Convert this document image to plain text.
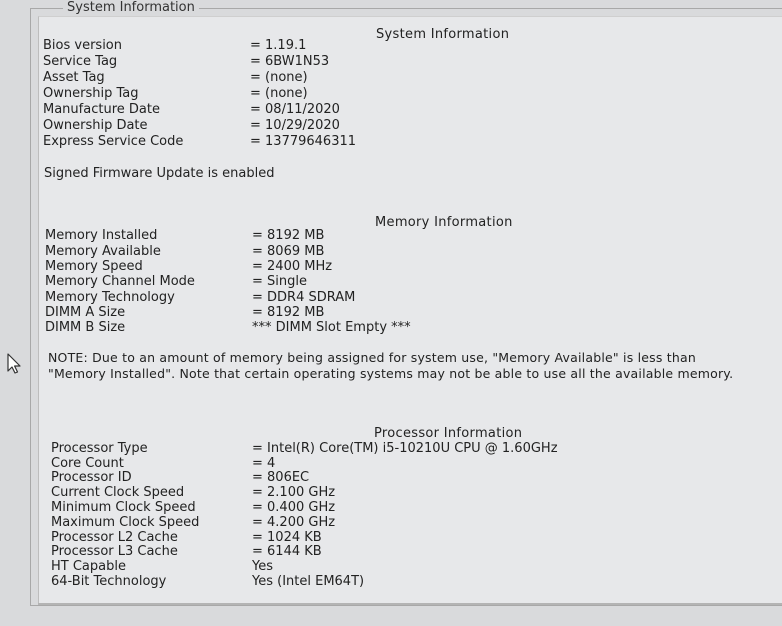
System Information
System Information
Bios version	= 1.19.1
Service Tag	= 6BW1N53
Asset Tag	= (none)
Ownership Tag	= (none)
Manufacture Date	= 08/11/2020
Ownership Date	= 10/29/2020
Express Service Code	= 13779646311
Signed Firmware Update is enabled
Memory Information
Memory Installed	= 8192 MB
Memory Available	= 8069 MB
Memory Speed	= 2400 MHz
Memory Channel Mode	= Single
Memory Technology	= DDR4 SDRAM
DIMM A Size	= 8192 MB
DIMM B Size	*** DIMM Slot Empty ***
Processor Information
Processor Type	= Intel(R) Core(TM) i5-10210U CPU @ 1.60GHz
Core Count	= 4
Processor ID	= 806EC
Current Clock Speed	= 2.100 GHz
Minimum Clock Speed	= 0.400 GHz
Maximum Clock Speed	= 4.200 GHz
Processor L2 Cache	= 1024 KB
Processor L3 Cache	= 6144 KB
HT Capable	Yes
64-Bit Technology	Yes (Intel EM64T)
NOTE: Due to an amount of memory being assigned for system use, "Memory Available" is less than "Memory Installed". Note that certain operating systems may not be able to use all the available memory.
